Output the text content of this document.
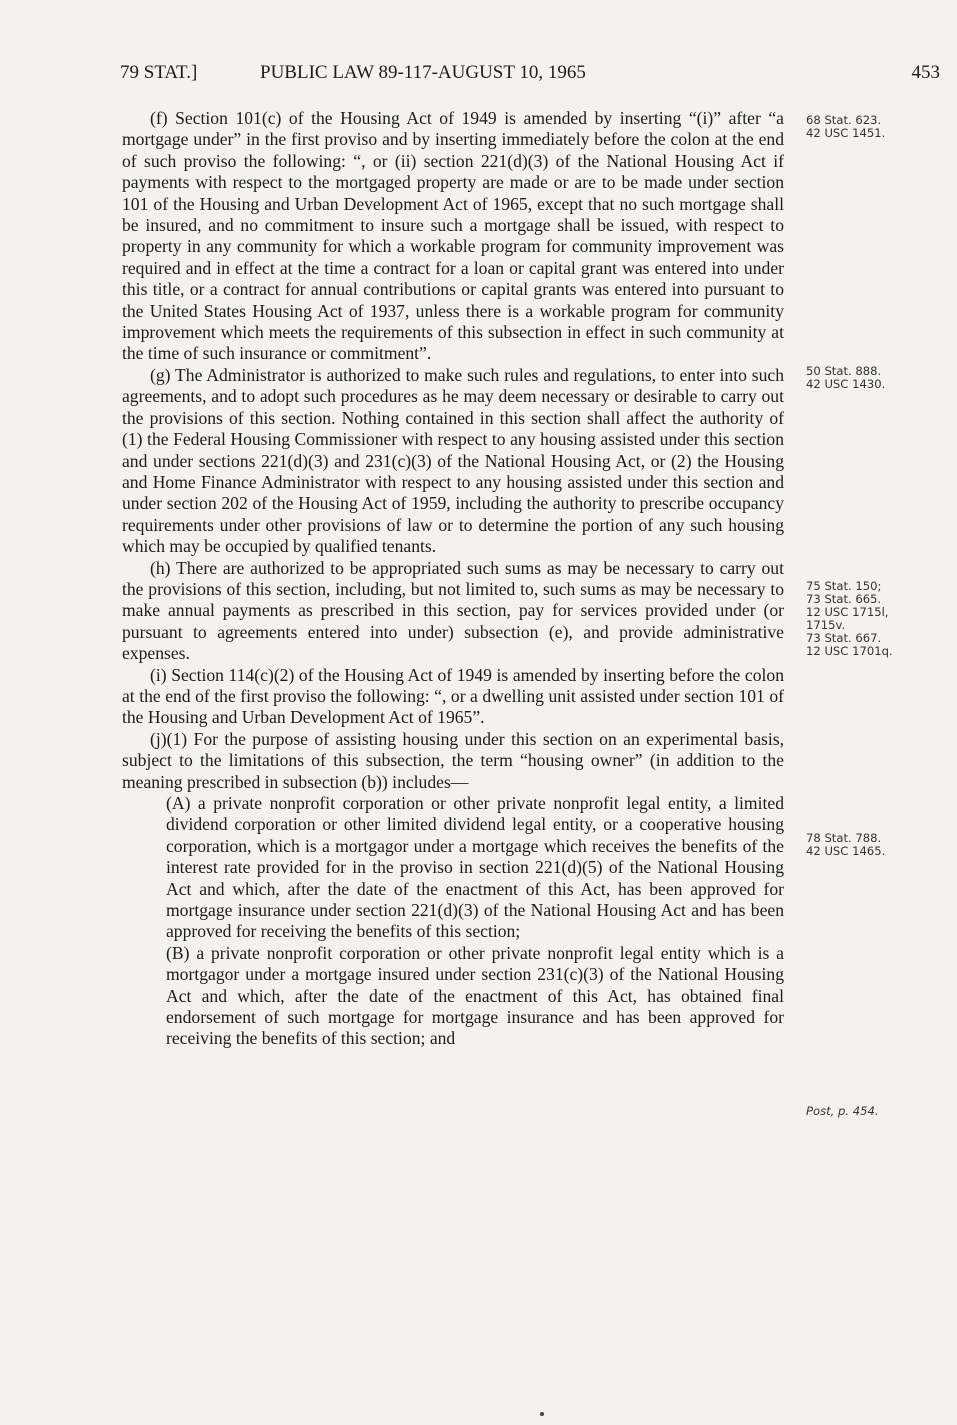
79 STAT.]	PUBLIC LAW 89-117-AUGUST 10, 1965	453

(f) Section 101(c) of the Housing Act of 1949 is amended by inserting “(i)” after “a mortgage under” in the first proviso and by inserting immediately before the colon at the end of such proviso the following: “, or (ii) section 221(d)(3) of the National Housing Act if payments with respect to the mortgaged property are made or are to be made under section 101 of the Housing and Urban Development Act of 1965, except that no such mortgage shall be insured, and no commitment to insure such a mortgage shall be issued, with respect to property in any community for which a workable program for community improvement was required and in effect at the time a contract for a loan or capital grant was entered into under this title, or a contract for annual contributions or capital grants was entered into pursuant to the United States Housing Act of 1937, unless there is a workable program for community improvement which meets the requirements of this subsection in effect in such community at the time of such insurance or commitment”.

(g) The Administrator is authorized to make such rules and regulations, to enter into such agreements, and to adopt such procedures as he may deem necessary or desirable to carry out the provisions of this section. Nothing contained in this section shall affect the authority of (1) the Federal Housing Commissioner with respect to any housing assisted under this section and under sections 221(d)(3) and 231(c)(3) of the National Housing Act, or (2) the Housing and Home Finance Administrator with respect to any housing assisted under this section and under section 202 of the Housing Act of 1959, including the authority to prescribe occupancy requirements under other provisions of law or to determine the portion of any such housing which may be occupied by qualified tenants.

(h) There are authorized to be appropriated such sums as may be necessary to carry out the provisions of this section, including, but not limited to, such sums as may be necessary to make annual payments as prescribed in this section, pay for services provided under (or pursuant to agreements entered into under) subsection (e), and provide administrative expenses.

(i) Section 114(c)(2) of the Housing Act of 1949 is amended by inserting before the colon at the end of the first proviso the following: “, or a dwelling unit assisted under section 101 of the Housing and Urban Development Act of 1965”.

(j)(1) For the purpose of assisting housing under this section on an experimental basis, subject to the limitations of this subsection, the term “housing owner” (in addition to the meaning prescribed in subsection (b)) includes—

(A) a private nonprofit corporation or other private nonprofit legal entity, a limited dividend corporation or other limited dividend legal entity, or a cooperative housing corporation, which is a mortgagor under a mortgage which receives the benefits of the interest rate provided for in the proviso in section 221(d)(5) of the National Housing Act and which, after the date of the enactment of this Act, has been approved for mortgage insurance under section 221(d)(3) of the National Housing Act and has been approved for receiving the benefits of this section;

(B) a private nonprofit corporation or other private nonprofit legal entity which is a mortgagor under a mortgage insured under section 231(c)(3) of the National Housing Act and which, after the date of the enactment of this Act, has obtained final endorsement of such mortgage for mortgage insurance and has been approved for receiving the benefits of this section; and

68 Stat. 623.
42 USC 1451.
50 Stat. 888.
42 USC 1430.
75 Stat. 150;
73 Stat. 665.
12 USC 1715l,
1715v.
73 Stat. 667.
12 USC 1701q.
78 Stat. 788.
42 USC 1465.
Post, p. 454.
